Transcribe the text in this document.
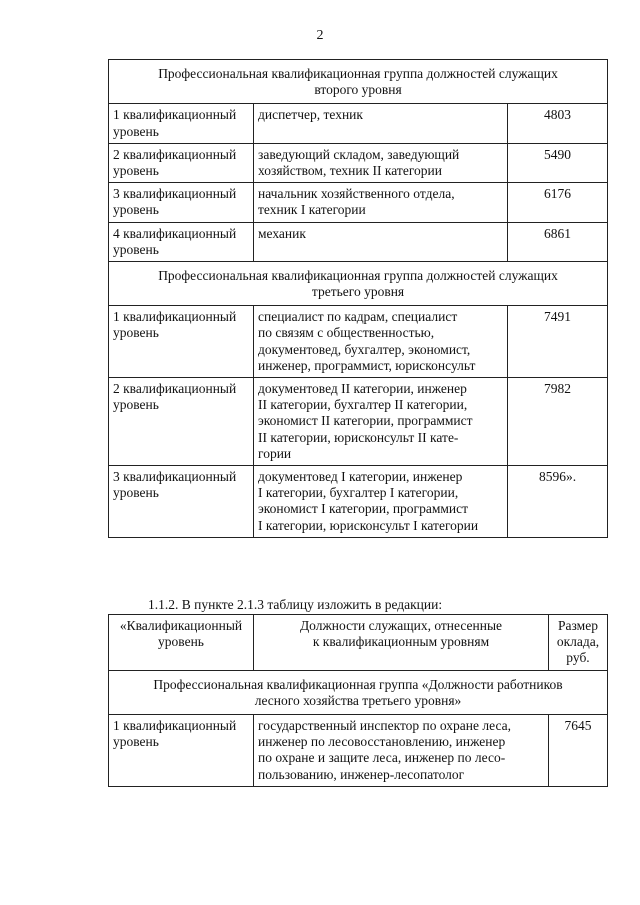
2
Профессиональная квалификационная группа должностей служащих
второго уровня		

1 квалификационный
уровень	диспетчер, техник	4803

2 квалификационный
уровень	заведующий складом, заведующий
хозяйством, техник II категории	5490

3 квалификационный
уровень	начальник хозяйственного отдела,
техник I категории	6176

4 квалификационный
уровень	механик	6861

Профессиональная квалификационная группа должностей служащих
третьего уровня		

1 квалификационный
уровень	специалист по кадрам, специалист
по связям с общественностью,
документовед, бухгалтер, экономист,
инженер, программист, юрисконсульт	7491

2 квалификационный
уровень	документовед II категории, инженер
II категории, бухгалтер II категории,
экономист II категории, программист
II категории, юрисконсульт II кате-
гории	7982

3 квалификационный
уровень	документовед I категории, инженер
I категории, бухгалтер I категории,
экономист I категории, программист
I категории, юрисконсульт I категории	8596».
1.1.2. В пункте 2.1.3 таблицу изложить в редакции:
«Квалификационный
уровень	Должности служащих, отнесенные
к квалификационным уровням	Размер
оклада,
руб.

Профессиональная квалификационная группа «Должности работников
лесного хозяйства третьего уровня»		

1 квалификационный
уровень	государственный инспектор по охране леса,
инженер по лесовосстановлению, инженер
по охране и защите леса, инженер по лесо-
пользованию, инженер-лесопатолог	7645
